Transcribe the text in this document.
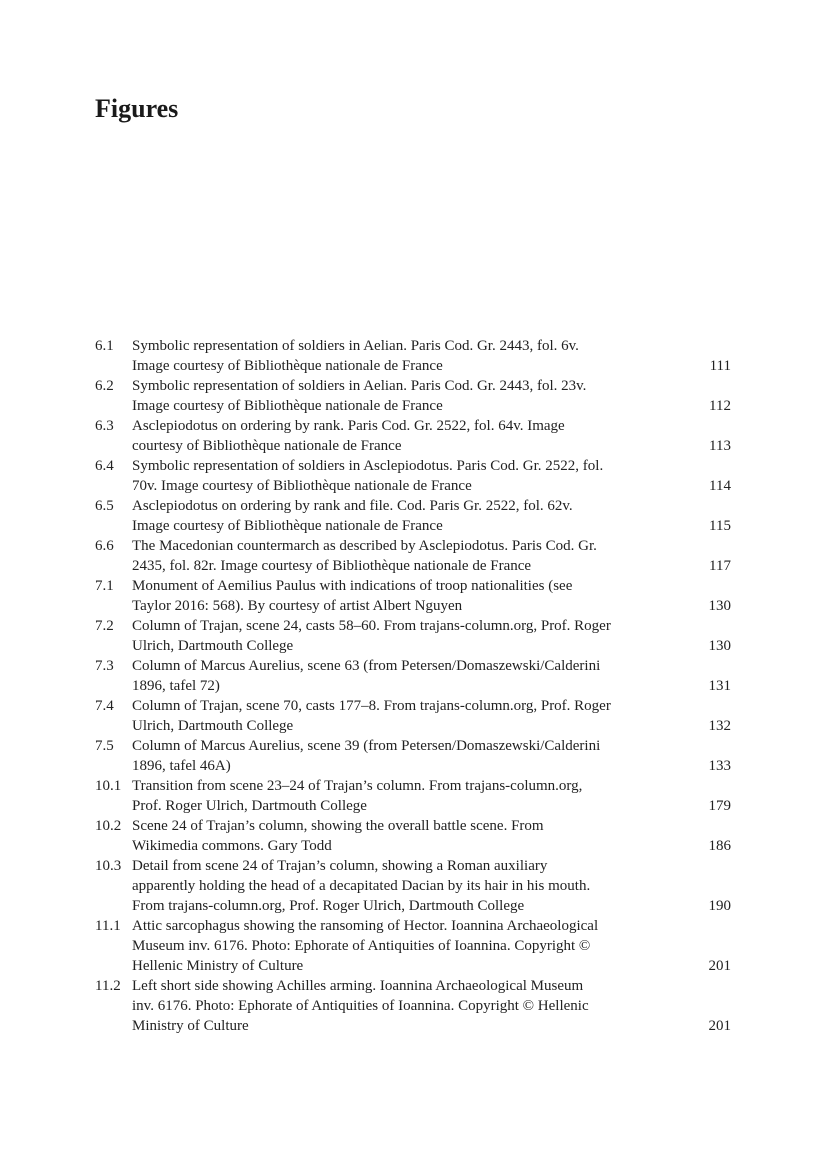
Figures
6.1	Symbolic representation of soldiers in Aelian. Paris Cod. Gr. 2443, fol. 6v.
Image courtesy of Bibliothèque nationale de France	111
6.2	Symbolic representation of soldiers in Aelian. Paris Cod. Gr. 2443, fol. 23v.
Image courtesy of Bibliothèque nationale de France	112
6.3	Asclepiodotus on ordering by rank. Paris Cod. Gr. 2522, fol. 64v. Image
courtesy of Bibliothèque nationale de France	113
6.4	Symbolic representation of soldiers in Asclepiodotus. Paris Cod. Gr. 2522, fol.
70v. Image courtesy of Bibliothèque nationale de France	114
6.5	Asclepiodotus on ordering by rank and file. Cod. Paris Gr. 2522, fol. 62v.
Image courtesy of Bibliothèque nationale de France	115
6.6	The Macedonian countermarch as described by Asclepiodotus. Paris Cod. Gr.
2435, fol. 82r. Image courtesy of Bibliothèque nationale de France	117
7.1	Monument of Aemilius Paulus with indications of troop nationalities (see
Taylor 2016: 568). By courtesy of artist Albert Nguyen	130
7.2	Column of Trajan, scene 24, casts 58–60. From trajans-column.org, Prof. Roger
Ulrich, Dartmouth College	130
7.3	Column of Marcus Aurelius, scene 63 (from Petersen/Domaszewski/Calderini
1896, tafel 72)	131
7.4	Column of Trajan, scene 70, casts 177–8. From trajans-column.org, Prof. Roger
Ulrich, Dartmouth College	132
7.5	Column of Marcus Aurelius, scene 39 (from Petersen/Domaszewski/Calderini
1896, tafel 46A)	133
10.1 Transition from scene 23–24 of Trajan’s column. From trajans-column.org,
Prof. Roger Ulrich, Dartmouth College	179
10.2 Scene 24 of Trajan’s column, showing the overall battle scene. From
Wikimedia commons. Gary Todd	186
10.3 Detail from scene 24 of Trajan’s column, showing a Roman auxiliary
apparently holding the head of a decapitated Dacian by its hair in his mouth.
From trajans-column.org, Prof. Roger Ulrich, Dartmouth College	190
11.1 Attic sarcophagus showing the ransoming of Hector. Ioannina Archaeological
Museum inv. 6176. Photo: Ephorate of Antiquities of Ioannina. Copyright ©
Hellenic Ministry of Culture	201
11.2 Left short side showing Achilles arming. Ioannina Archaeological Museum
inv. 6176. Photo: Ephorate of Antiquities of Ioannina. Copyright © Hellenic
Ministry of Culture	201
